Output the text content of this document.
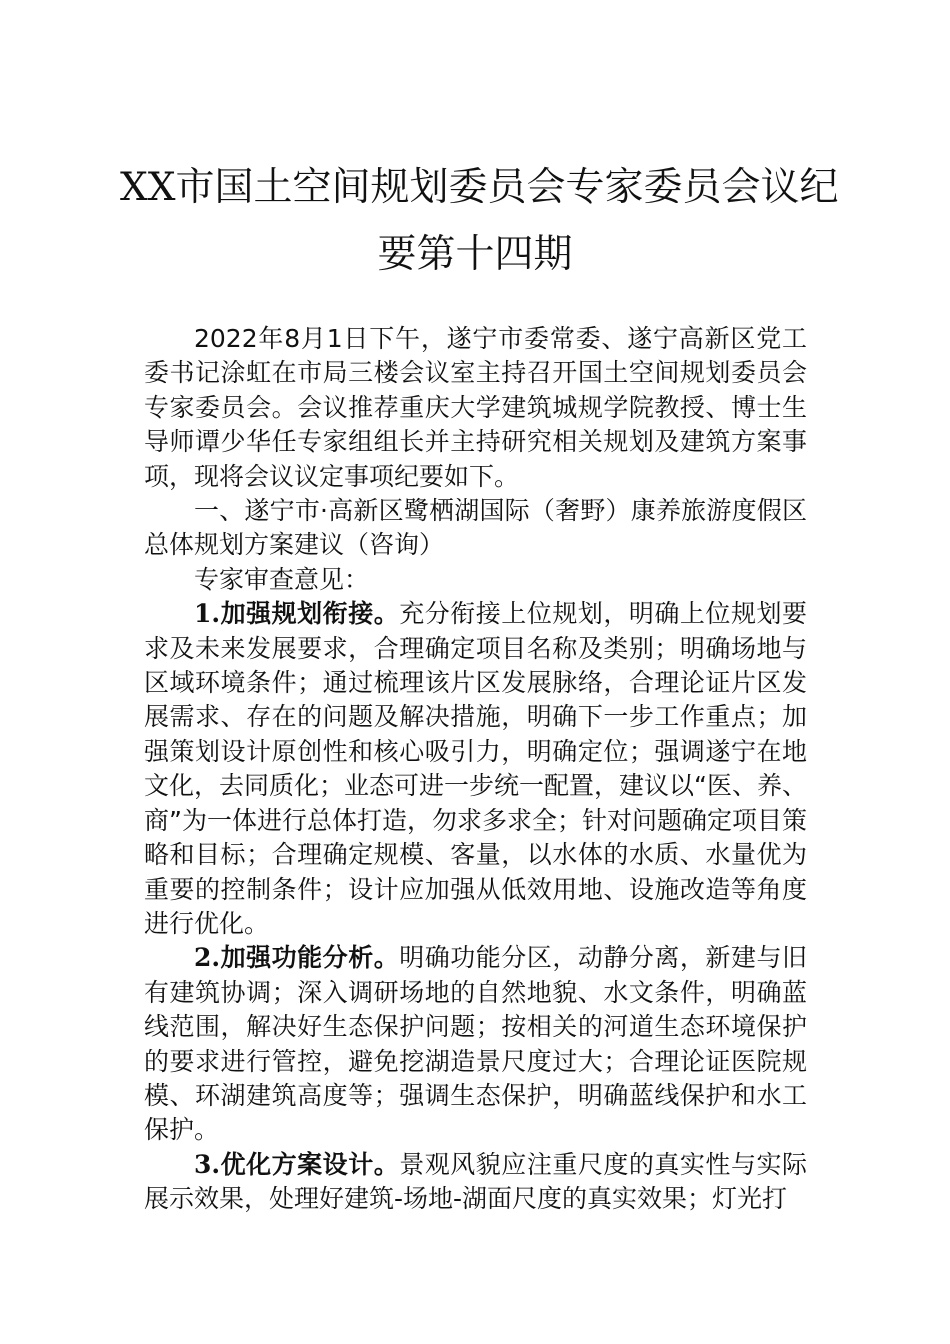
XX市国土空间规划委员会专家委员会议纪
要第十四期

2022年8月1日下午，遂宁市委常委、遂宁高新区党工委书记涂虹在市局三楼会议室主持召开国土空间规划委员会专家委员会。会议推荐重庆大学建筑城规学院教授、博士生导师谭少华任专家组组长并主持研究相关规划及建筑方案事项，现将会议议定事项纪要如下。

一、遂宁市·高新区鹭栖湖国际（奢野）康养旅游度假区总体规划方案建议（咨询）

专家审查意见：

1.加强规划衔接。充分衔接上位规划，明确上位规划要求及未来发展要求，合理确定项目名称及类别；明确场地与区域环境条件；通过梳理该片区发展脉络，合理论证片区发展需求、存在的问题及解决措施，明确下一步工作重点；加强策划设计原创性和核心吸引力，明确定位；强调遂宁在地文化，去同质化；业态可进一步统一配置，建议以“医、养、商”为一体进行总体打造，勿求多求全；针对问题确定项目策略和目标；合理确定规模、客量，以水体的水质、水量优为重要的控制条件；设计应加强从低效用地、设施改造等角度进行优化。

2.加强功能分析。明确功能分区，动静分离，新建与旧有建筑协调；深入调研场地的自然地貌、水文条件，明确蓝线范围，解决好生态保护问题；按相关的河道生态环境保护的要求进行管控，避免挖湖造景尺度过大；合理论证医院规模、环湖建筑高度等；强调生态保护，明确蓝线保护和水工保护。

3.优化方案设计。景观风貌应注重尺度的真实性与实际展示效果，处理好建筑-场地-湖面尺度的真实效果；灯光打
